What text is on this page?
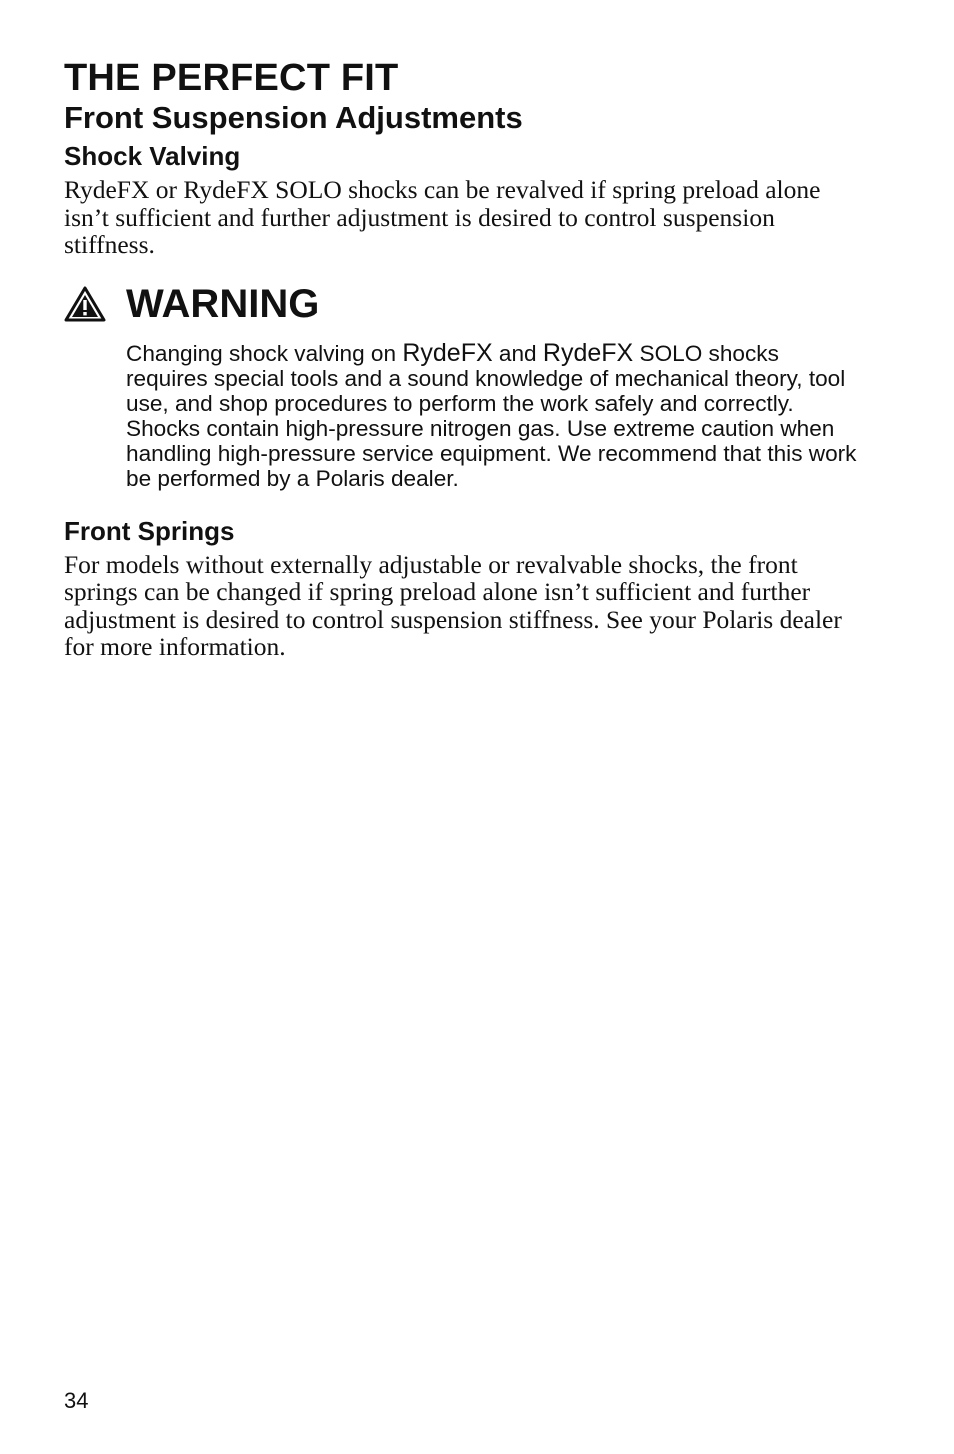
THE PERFECT FIT
Front Suspension Adjustments
Shock Valving

RydeFX or RydeFX SOLO shocks can be revalved if spring preload alone isn’t sufficient and further adjustment is desired to control suspension stiffness.

WARNING

Changing shock valving on RydeFX and RydeFX SOLO shocks requires special tools and a sound knowledge of mechanical theory, tool use, and shop procedures to perform the work safely and correctly. Shocks contain high-pressure nitrogen gas. Use extreme caution when handling high-pressure service equipment. We recommend that this work be performed by a Polaris dealer.

Front Springs

For models without externally adjustable or revalvable shocks, the front springs can be changed if spring preload alone isn’t sufficient and further adjustment is desired to control suspension stiffness. See your Polaris dealer for more information.

34
